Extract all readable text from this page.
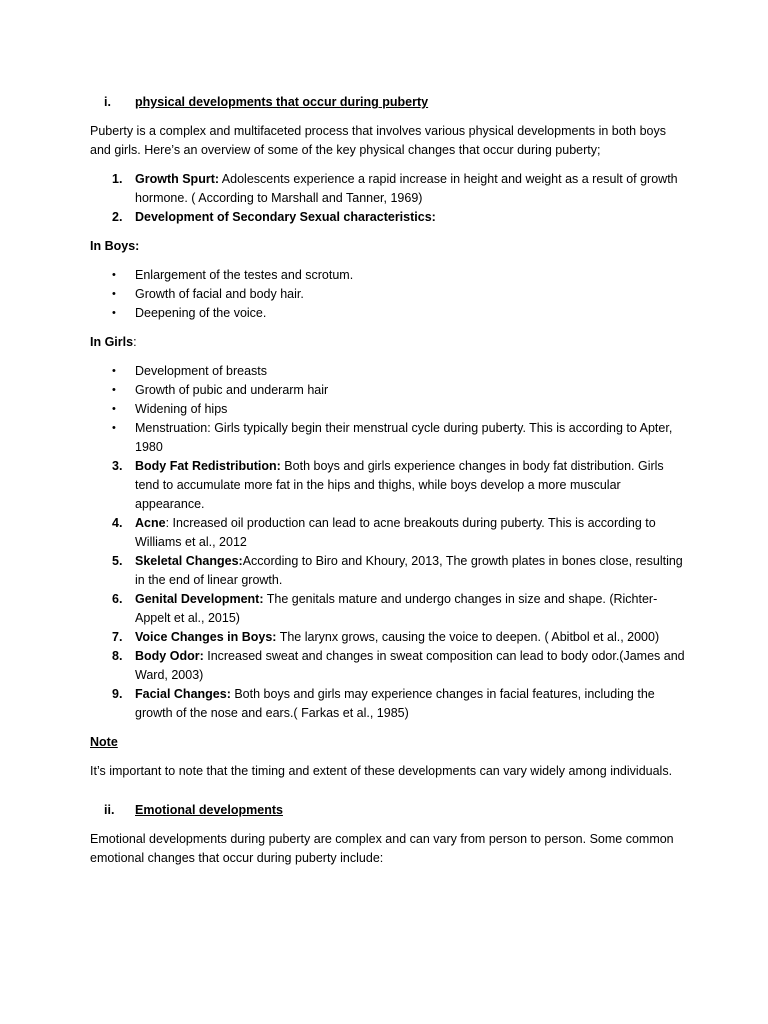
i.	physical developments that occur during puberty

Puberty is a complex and multifaceted process that involves various physical developments in both boys and girls. Here’s an overview of some of the key physical changes that occur during puberty;

1.	Growth Spurt: Adolescents experience a rapid increase in height and weight as a result of growth hormone. ( According to Marshall and Tanner, 1969)
2.	Development of Secondary Sexual characteristics:
In Boys:
•	Enlargement of the testes and scrotum.
•	Growth of facial and body hair.
•	Deepening of the voice.
In Girls:
•	Development of breasts
•	Growth of pubic and underarm hair
•	Widening of hips
•	Menstruation: Girls typically begin their menstrual cycle during puberty. This is according to Apter, 1980
3.	Body Fat Redistribution: Both boys and girls experience changes in body fat distribution. Girls tend to accumulate more fat in the hips and thighs, while boys develop a more muscular appearance.
4.	Acne: Increased oil production can lead to acne breakouts during puberty. This is according to Williams et al., 2012
5.	Skeletal Changes:According to Biro and Khoury, 2013, The growth plates in bones close, resulting in the end of linear growth.
6.	Genital Development: The genitals mature and undergo changes in size and shape. (Richter-Appelt et al., 2015)
7.	Voice Changes in Boys: The larynx grows, causing the voice to deepen. ( Abitbol et al., 2000)
8.	Body Odor: Increased sweat and changes in sweat composition can lead to body odor.(James and Ward, 2003)
9.	Facial Changes: Both boys and girls may experience changes in facial features, including the growth of the nose and ears.( Farkas et al., 1985)
Note

It’s important to note that the timing and extent of these developments can vary widely among individuals.

ii.	Emotional developments

Emotional developments during puberty are complex and can vary from person to person. Some common emotional changes that occur during puberty include:
